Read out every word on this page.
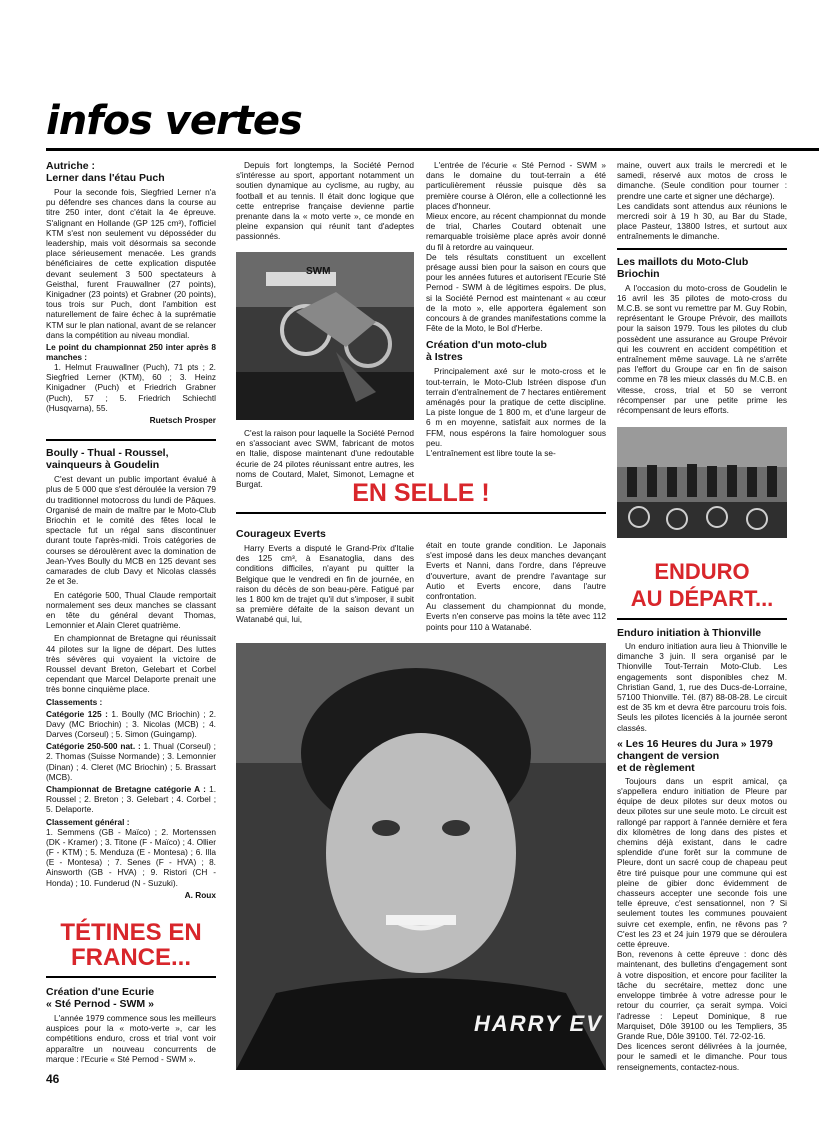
infos vertes
Autriche :
Lerner dans l'étau Puch

Pour la seconde fois, Siegfried Lerner n'a pu défendre ses chances dans la course au titre 250 inter, dont c'était la 4e épreuve. S'alignant en Hollande (GP 125 cm³), l'officiel KTM s'est non seulement vu déposséder du leadership, mais voit désormais sa seconde place sérieusement menacée. Les grands bénéficiaires de cette explication disputée devant seulement 3 500 spectateurs à Geisthal, furent Frauwallner (27 points), Kinigadner (23 points) et Grabner (20 points), tous trois sur Puch, dont l'ambition est naturellement de faire échec à la suprématie KTM sur le plan national, avant de se relancer dans la compétition au niveau mondial.

Le point du championnat 250 inter après 8 manches :

1. Helmut Frauwallner (Puch), 71 pts ; 2. Siegfried Lerner (KTM), 60 ; 3. Heinz Kinigadner (Puch) et Friedrich Grabner (Puch), 57 ; 5. Friedrich Schiechtl (Husqvarna), 55.

Ruetsch Prosper
Boully - Thual - Roussel,
vainqueurs à Goudelin

C'est devant un public important évalué à plus de 5 000 que s'est déroulée la version 79 du traditionnel motocross du lundi de Pâques. Organisé de main de maître par le Moto-Club Briochin et le comité des fêtes local le spectacle fut un régal sans discontinuer durant toute l'après-midi. Trois catégories de courses se déroulèrent avec la domination de Jean-Yves Boully du MCB en 125 devant ses camarades de club Davy et Nicolas classés 2e et 3e.

En catégorie 500, Thual Claude remportait normalement ses deux manches se classant en tête du général devant Thomas, Lemonnier et Alain Cleret quatrième.

En championnat de Bretagne qui réunissait 44 pilotes sur la ligne de départ. Des luttes très sévères qui voyaient la victoire de Roussel devant Breton, Gelebart et Corbel cependant que Marcel Delaporte prenait une très bonne cinquième place.

Classements :

Catégorie 125 : 1. Boully (MC Briochin) ; 2. Davy (MC Briochin) ; 3. Nicolas (MCB) ; 4. Darves (Corseul) ; 5. Simon (Guingamp).

Catégorie 250-500 nat. : 1. Thual (Corseul) ; 2. Thomas (Suisse Normande) ; 3. Lemonnier (Dinan) ; 4. Cleret (MC Briochin) ; 5. Brassart (MCB).

Championnat de Bretagne catégorie A : 1. Roussel ; 2. Breton ; 3. Gelebart ; 4. Corbel ; 5. Delaporte.

Classement général :

1. Semmens (GB - Maïco) ; 2. Mortenssen (DK - Kramer) ; 3. Titone (F - Maïco) ; 4. Ollier (F - KTM) ; 5. Menduza (E - Montesa) ; 6. Illa (E - Montesa) ; 7. Senes (F - HVA) ; 8. Ainsworth (GB - HVA) ; 9. Ristori (CH - Honda) ; 10. Funderud (N - Suzuki).

A. Roux
TÉTINES EN
FRANCE...
Création d'une Ecurie
« Sté Pernod - SWM »

L'année 1979 commence sous les meilleurs auspices pour la « moto-verte », car les compétitions enduro, cross et trial vont voir apparaître un nouveau concurrents de marque : l'Ecurie « Sté Pernod - SWM ».

46

Depuis fort longtemps, la Société Pernod s'intéresse au sport, apportant notamment un soutien dynamique au cyclisme, au rugby, au football et au tennis. Il était donc logique que cette entreprise française devienne partie prenante dans la « moto verte », ce monde en pleine expansion qui réunit tant d'adeptes passionnés.

SWM

C'est la raison pour laquelle la Société Pernod en s'associant avec SWM, fabricant de motos en Italie, dispose maintenant d'une redoutable écurie de 24 pilotes réunissant entre autres, les noms de Coutard, Malet, Simonot, Lemagne et Burgat.

L'entrée de l'écurie « Sté Pernod - SWM » dans le domaine du tout-terrain a été particulièrement réussie puisque dès sa première course à Oléron, elle a collectionné les places d'honneur.
Mieux encore, au récent championnat du monde de trial, Charles Coutard obtenait une remarquable troisième place après avoir donné du fil à retordre au vainqueur.
De tels résultats constituent un excellent présage aussi bien pour la saison en cours que pour les années futures et autorisent l'Ecurie Sté Pernod - SWM à de légitimes espoirs. De plus, si la Société Pernod est maintenant « au cœur de la moto », elle apportera également son concours à de grandes manifestations comme la Fête de la Moto, le Bol d'Herbe.

Création d'un moto-club
à Istres

Principalement axé sur le moto-cross et le tout-terrain, le Moto-Club Istréen dispose d'un terrain d'entraînement de 7 hectares entièrement aménagés pour la pratique de cette discipline. La piste longue de 1 800 m, et d'une largeur de 6 m en moyenne, satisfait aux normes de la FFM, nous espérons la faire homologuer sous peu.
L'entraînement est libre toute la se-

EN SELLE !
Courageux Everts

Harry Everts a disputé le Grand-Prix d'Italie des 125 cm³, à Esanatoglia, dans des conditions difficiles, n'ayant pu quitter la Belgique que le vendredi en fin de journée, en raison du décès de son beau-père. Fatigué par les 1 800 km de trajet qu'il dut s'imposer, il subit sa première défaite de la saison devant un Watanabé qui, lui,

était en toute grande condition. Le Japonais s'est imposé dans les deux manches devançant Everts et Nanni, dans l'ordre, dans l'épreuve d'ouverture, avant de prendre l'avantage sur Autio et Everts encore, dans l'autre confrontation.
Au classement du championnat du monde, Everts n'en conserve pas moins la tête avec 112 points pour 110 à Watanabé.

HARRY EV

maine, ouvert aux trails le mercredi et le samedi, réservé aux motos de cross le dimanche. (Seule condition pour tourner : prendre une carte et signer une décharge).
Les candidats sont attendus aux réunions le mercredi soir à 19 h 30, au Bar du Stade, place Pasteur, 13800 Istres, et surtout aux entraînements le dimanche.

Les maillots du Moto-Club
Briochin

A l'occasion du moto-cross de Goudelin le 16 avril les 35 pilotes de moto-cross du M.C.B. se sont vu remettre par M. Guy Robin, représentant le Groupe Prévoir, des maillots pour la saison 1979. Tous les pilotes du club possèdent une assurance au Groupe Prévoir qui les couvrent en accident compétition et entraînement même sauvage. Là ne s'arrête pas l'effort du Groupe car en fin de saison comme en 78 les mieux classés du M.C.B. en vitesse, cross, trial et 50 se verront récompenser par une petite prime les récompensant de leurs efforts.

ENDURO
AU DÉPART...
Enduro initiation à Thionville

Un enduro initiation aura lieu à Thionville le dimanche 3 juin. Il sera organisé par le Thionville Tout-Terrain Moto-Club. Les engagements sont disponibles chez M. Christian Gand, 1, rue des Ducs-de-Lorraine, 57100 Thionville. Tél. (87) 88-08-28. Le circuit est de 35 km et devra être parcouru trois fois. Seuls les pilotes licenciés à la journée seront classés.

« Les 16 Heures du Jura » 1979
changent de version
et de règlement

Toujours dans un esprit amical, ça s'appellera enduro initiation de Pleure par équipe de deux pilotes sur deux motos ou deux pilotes sur une seule moto. Le circuit est rallongé par rapport à l'année dernière et fera dix kilomètres de long dans des pistes et chemins déjà existant, dans le cadre splendide d'une forêt sur la commune de Pleure, dont un sacré coup de chapeau peut être tiré puisque pour une commune qui est pleine de gibier donc évidemment de chasseurs accepter une seconde fois une telle épreuve, c'est sensationnel, non ? Si seulement toutes les communes pouvaient suivre cet exemple, enfin, ne rêvons pas ? C'est les 23 et 24 juin 1979 que se déroulera cette épreuve.
Bon, revenons à cette épreuve : donc dès maintenant, des bulletins d'engagement sont à votre disposition, et encore pour faciliter la tâche du secrétaire, mettez donc une enveloppe timbrée à votre adresse pour le retour du courrier, ça serait sympa. Voici l'adresse : Lepeut Dominique, 8 rue Marquiset, Dôle 39100 ou les Templiers, 35 Grande Rue, Dôle 39100. Tél. 72-02-16.
Des licences seront délivrées à la journée, pour le samedi et le dimanche. Pour tous renseignements, contactez-nous.
